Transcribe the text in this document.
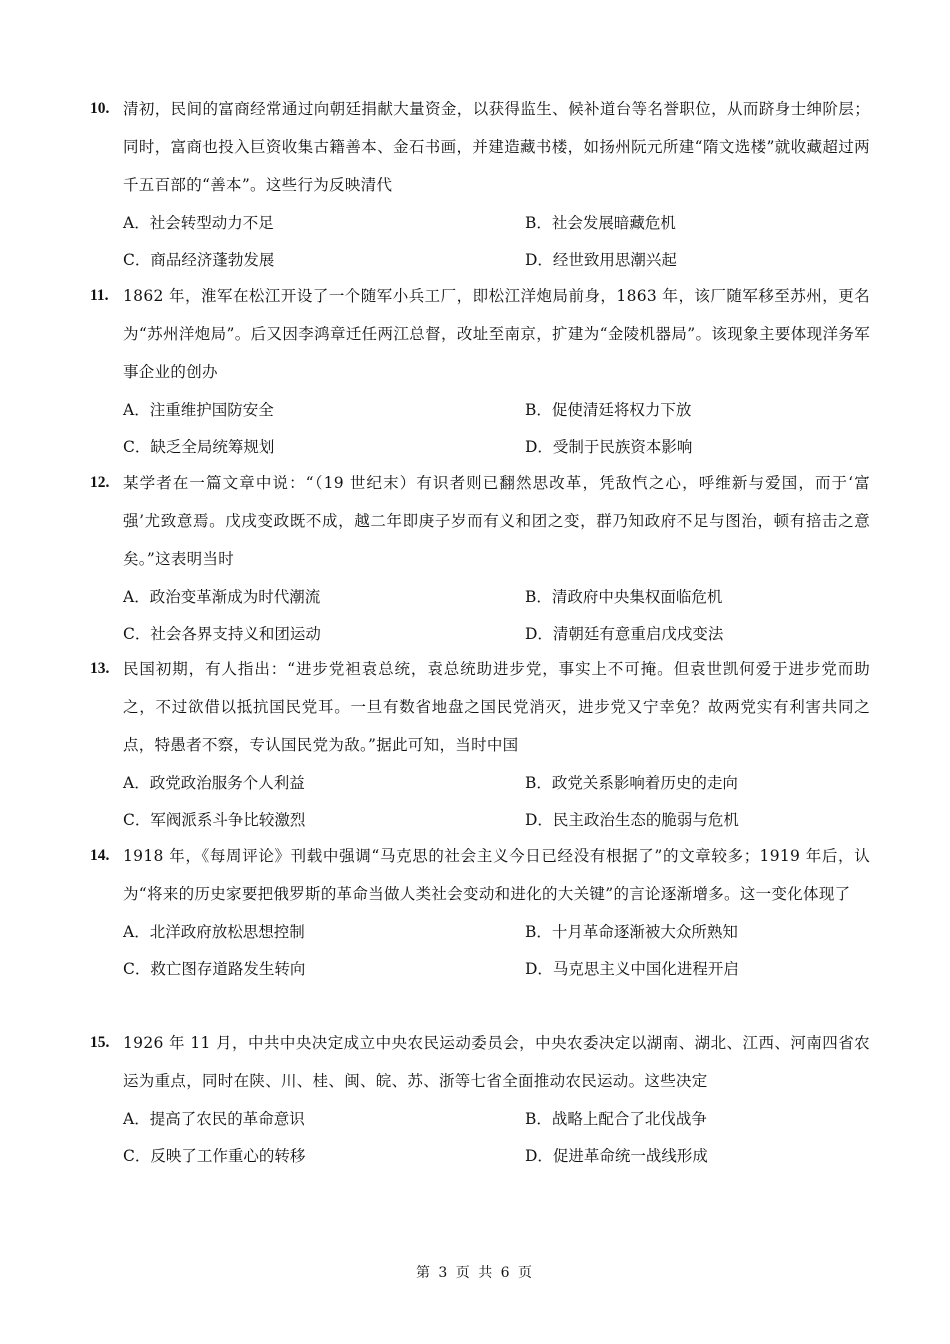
10. 清初，民间的富商经常通过向朝廷捐献大量资金，以获得监生、候补道台等名誉职位，从而跻身士绅阶层；同时，富商也投入巨资收集古籍善本、金石书画，并建造藏书楼，如扬州阮元所建“隋文选楼”就收藏超过两千五百部的“善本”。这些行为反映清代
A．社会转型动力不足	B．社会发展暗藏危机
C．商品经济蓬勃发展	D．经世致用思潮兴起
11. 1862 年，淮军在松江开设了一个随军小兵工厂，即松江洋炮局前身，1863 年，该厂随军移至苏州，更名为“苏州洋炮局”。后又因李鸿章迁任两江总督，改址至南京，扩建为“金陵机器局”。该现象主要体现洋务军事企业的创办
A．注重维护国防安全	B．促使清廷将权力下放
C．缺乏全局统筹规划	D．受制于民族资本影响
12. 某学者在一篇文章中说：“（19 世纪末）有识者则已翻然思改革，凭敌忾之心，呼维新与爱国，而于‘富强’尤致意焉。戊戌变政既不成，越二年即庚子岁而有义和团之变，群乃知政府不足与图治，顿有掊击之意矣。”这表明当时
A．政治变革渐成为时代潮流	B．清政府中央集权面临危机
C．社会各界支持义和团运动	D．清朝廷有意重启戊戌变法
13. 民国初期，有人指出：“进步党袒袁总统，袁总统助进步党，事实上不可掩。但袁世凯何爱于进步党而助之，不过欲借以抵抗国民党耳。一旦有数省地盘之国民党消灭，进步党又宁幸免？故两党实有利害共同之点，特愚者不察，专认国民党为敌。”据此可知，当时中国
A．政党政治服务个人利益	B．政党关系影响着历史的走向
C．军阀派系斗争比较激烈	D．民主政治生态的脆弱与危机
14. 1918 年，《每周评论》刊载中强调“马克思的社会主义今日已经没有根据了”的文章较多；1919 年后，认为“将来的历史家要把俄罗斯的革命当做人类社会变动和进化的大关键”的言论逐渐增多。这一变化体现了
A．北洋政府放松思想控制	B．十月革命逐渐被大众所熟知
C．救亡图存道路发生转向	D．马克思主义中国化进程开启
15. 1926 年 11 月，中共中央决定成立中央农民运动委员会，中央农委决定以湖南、湖北、江西、河南四省农运为重点，同时在陕、川、桂、闽、皖、苏、浙等七省全面推动农民运动。这些决定
A．提高了农民的革命意识	B．战略上配合了北伐战争
C．反映了工作重心的转移	D．促进革命统一战线形成
第 3 页 共 6 页
